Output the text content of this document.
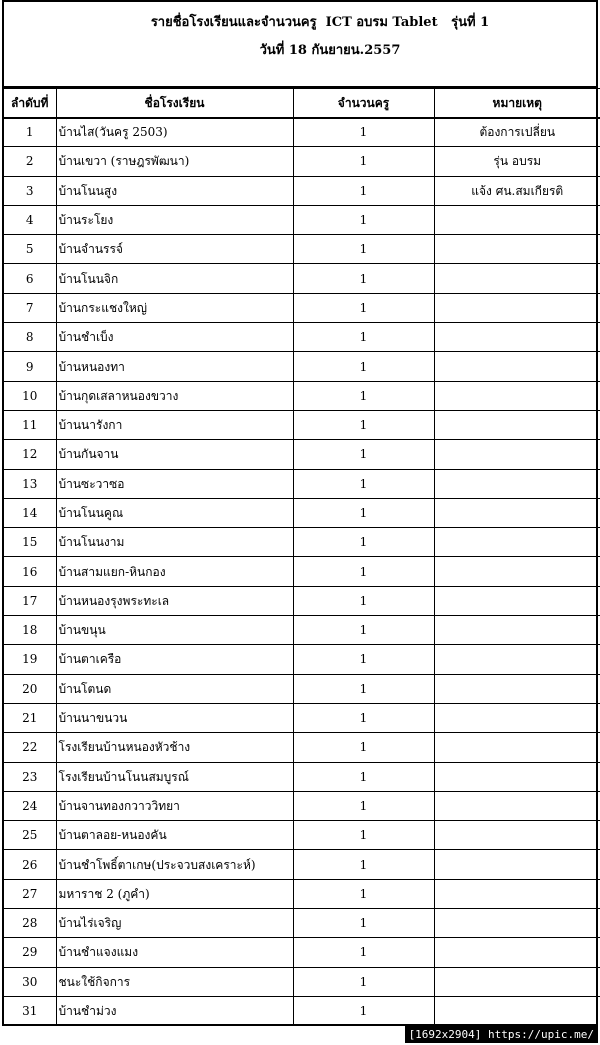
รายชื่อโรงเรียนและจำนวนครู  ICT อบรม Tablet   รุ่นที่ 1
วันที่ 18 กันยายน.2557
ลำดับที่	ชื่อโรงเรียน	จำนวนครู	หมายเหตุ
1	บ้านไส(วันครู 2503)	1	ต้องการเปลี่ยน
2	บ้านเขวา (ราษฎรพัฒนา)	1	รุ่น อบรม
3	บ้านโนนสูง	1	แจ้ง ศน.สมเกียรติ
4	บ้านระโยง	1	
5	บ้านจำนรรจ์	1	
6	บ้านโนนจิก	1	
7	บ้านกระแชงใหญ่	1	
8	บ้านชำเบ็ง	1	
9	บ้านหนองทา	1	
10	บ้านกุดเสลาหนองขวาง	1	
11	บ้านนารังกา	1	
12	บ้านกันจาน	1	
13	บ้านซะวาซอ	1	
14	บ้านโนนคูณ	1	
15	บ้านโนนงาม	1	
16	บ้านสามแยก-หินกอง	1	
17	บ้านหนองรุงพระทะเล	1	
18	บ้านขนุน	1	
19	บ้านตาเครือ	1	
20	บ้านโตนด	1	
21	บ้านนาขนวน	1	
22	โรงเรียนบ้านหนองหัวช้าง	1	
23	โรงเรียนบ้านโนนสมบูรณ์	1	
24	บ้านจานทองกวาววิทยา	1	
25	บ้านตาลอย-หนองคัน	1	
26	บ้านชำโพธิ์ตาเกษ(ประจวบสงเคราะห์)	1	
27	มหาราช 2 (ภูคำ)	1	
28	บ้านไร่เจริญ	1	
29	บ้านชำแจงแมง	1	
30	ชนะใช้กิจการ	1	
31	บ้านชำม่วง	1	
[1692x2904] https://upic.me/
